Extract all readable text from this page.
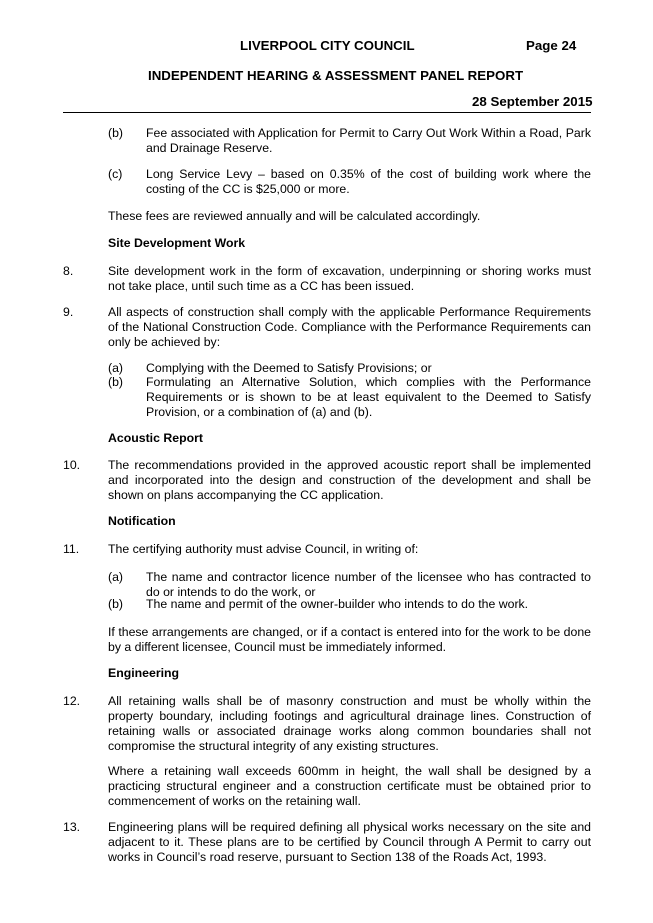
LIVERPOOL CITY COUNCIL	Page 24
INDEPENDENT HEARING & ASSESSMENT PANEL REPORT
28 September 2015
(b) Fee associated with Application for Permit to Carry Out Work Within a Road, Park and Drainage Reserve.
(c) Long Service Levy – based on 0.35% of the cost of building work where the costing of the CC is $25,000 or more.
These fees are reviewed annually and will be calculated accordingly.
Site Development Work
8.	Site development work in the form of excavation, underpinning or shoring works must not take place, until such time as a CC has been issued.
9.	All aspects of construction shall comply with the applicable Performance Requirements of the National Construction Code. Compliance with the Performance Requirements can only be achieved by:
(a) Complying with the Deemed to Satisfy Provisions; or
(b) Formulating an Alternative Solution, which complies with the Performance Requirements or is shown to be at least equivalent to the Deemed to Satisfy Provision, or a combination of (a) and (b).
Acoustic Report
10. The recommendations provided in the approved acoustic report shall be implemented and incorporated into the design and construction of the development and shall be shown on plans accompanying the CC application.
Notification
11. The certifying authority must advise Council, in writing of:
(a) The name and contractor licence number of the licensee who has contracted to do or intends to do the work, or
(b) The name and permit of the owner-builder who intends to do the work.
If these arrangements are changed, or if a contact is entered into for the work to be done by a different licensee, Council must be immediately informed.
Engineering
12. All retaining walls shall be of masonry construction and must be wholly within the property boundary, including footings and agricultural drainage lines. Construction of retaining walls or associated drainage works along common boundaries shall not compromise the structural integrity of any existing structures.
Where a retaining wall exceeds 600mm in height, the wall shall be designed by a practicing structural engineer and a construction certificate must be obtained prior to commencement of works on the retaining wall.
13. Engineering plans will be required defining all physical works necessary on the site and adjacent to it. These plans are to be certified by Council through A Permit to carry out works in Council’s road reserve, pursuant to Section 138 of the Roads Act, 1993.
